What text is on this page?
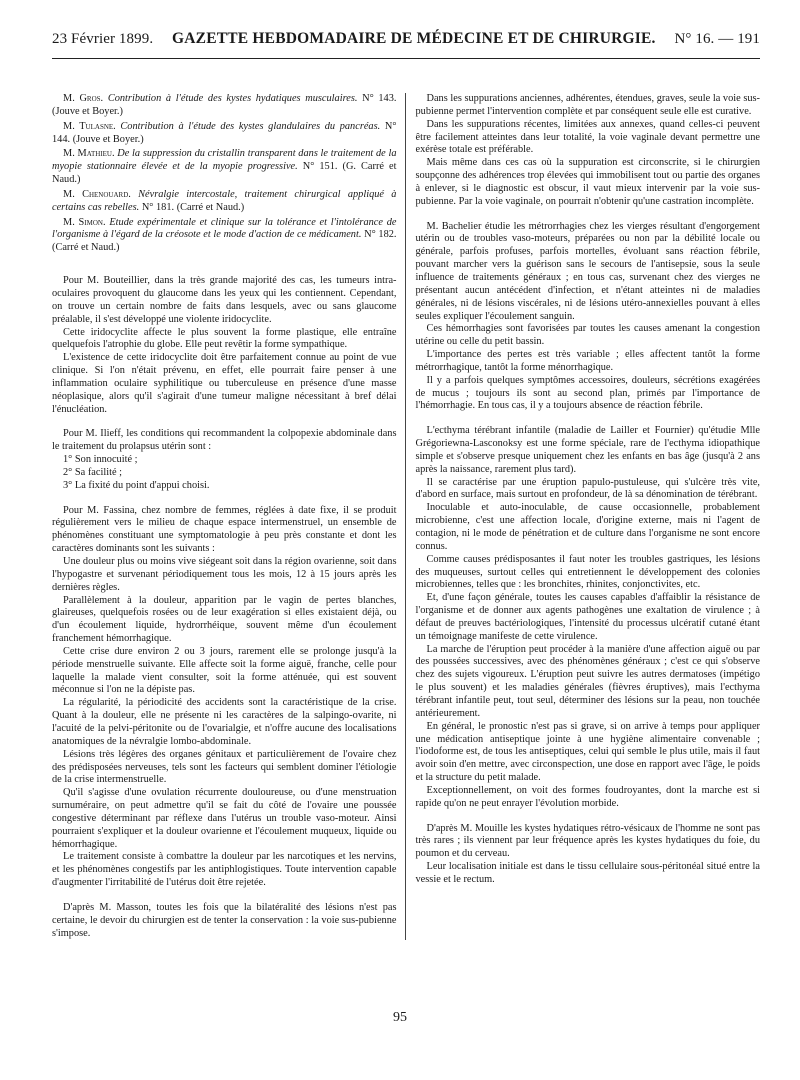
23 Février 1899. GAZETTE HEBDOMADAIRE DE MÉDECINE ET DE CHIRURGIE. N° 16. — 191

M. Gros. Contribution à l'étude des kystes hydatiques musculaires. N° 143. (Jouve et Boyer.)

M. Tulasne. Contribution à l'étude des kystes glandulaires du pancréas. N° 144. (Jouve et Boyer.)

M. Mathieu. De la suppression du cristallin transparent dans le traitement de la myopie stationnaire élevée et de la myopie progressive. N° 151. (G. Carré et Naud.)

M. Chenouard. Névralgie intercostale, traitement chirurgical appliqué à certains cas rebelles. N° 181. (Carré et Naud.)

M. Simon. Etude expérimentale et clinique sur la tolérance et l'intolérance de l'organisme à l'égard de la créosote et le mode d'action de ce médicament. N° 182. (Carré et Naud.)

Pour M. Bouteillier, dans la très grande majorité des cas, les tumeurs intra-oculaires provoquent du glaucome dans les yeux qui les contiennent. Cependant, on trouve un certain nombre de faits dans lesquels, avec ou sans glaucome préalable, il s'est développé une violente iridocyclite.

Cette iridocyclite affecte le plus souvent la forme plastique, elle entraîne quelquefois l'atrophie du globe. Elle peut revêtir la forme sympathique.

L'existence de cette iridocyclite doit être parfaitement connue au point de vue clinique. Si l'on n'était prévenu, en effet, elle pourrait faire penser à une inflammation oculaire syphilitique ou tuberculeuse en présence d'une masse néoplasique, alors qu'il s'agirait d'une tumeur maligne nécessitant à bref délai l'énucléation.

Pour M. Ilieff, les conditions qui recommandent la colpopexie abdominale dans le traitement du prolapsus utérin sont :

1° Son innocuité ;

2° Sa facilité ;

3° La fixité du point d'appui choisi.

Pour M. Fassina, chez nombre de femmes, réglées à date fixe, il se produit régulièrement vers le milieu de chaque espace intermenstruel, un ensemble de phénomènes constituant une symptomatologie à peu près constante et dont les caractères dominants sont les suivants :

Une douleur plus ou moins vive siégeant soit dans la région ovarienne, soit dans l'hypogastre et survenant périodiquement tous les mois, 12 à 15 jours après les dernières règles.

Parallèlement à la douleur, apparition par le vagin de pertes blanches, glaireuses, quelquefois rosées ou de leur exagération si elles existaient déjà, ou d'un écoulement liquide, hydrorrhéique, souvent même d'un écoulement franchement hémorrhagique.

Cette crise dure environ 2 ou 3 jours, rarement elle se prolonge jusqu'à la période menstruelle suivante. Elle affecte soit la forme aiguë, franche, celle pour laquelle la malade vient consulter, soit la forme atténuée, qui est souvent méconnue si l'on ne la dépiste pas.

La régularité, la périodicité des accidents sont la caractéristique de la crise. Quant à la douleur, elle ne présente ni les caractères de la salpingo-ovarite, ni l'acuité de la pelvi-péritonite ou de l'ovarialgie, et n'offre aucune des localisations anatomiques de la névralgie lombo-abdominale.

Lésions très légères des organes génitaux et particulièrement de l'ovaire chez des prédisposées nerveuses, tels sont les facteurs qui semblent dominer l'étiologie de la crise intermenstruelle.

Qu'il s'agisse d'une ovulation récurrente douloureuse, ou d'une menstruation surnuméraire, on peut admettre qu'il se fait du côté de l'ovaire une poussée congestive déterminant par réflexe dans l'utérus un trouble vaso-moteur. Ainsi pourraient s'expliquer et la douleur ovarienne et l'écoulement muqueux, liquide ou hémorrhagique.

Le traitement consiste à combattre la douleur par les narcotiques et les nervins, et les phénomènes congestifs par les antiphlogistiques. Toute intervention capable d'augmenter l'irritabilité de l'utérus doit être rejetée.

D'après M. Masson, toutes les fois que la bilatéralité des lésions n'est pas certaine, le devoir du chirurgien est de tenter la conservation : la voie sus-pubienne s'impose.

Dans les suppurations anciennes, adhérentes, étendues, graves, seule la voie sus-pubienne permet l'intervention complète et par conséquent seule elle est curative.

Dans les suppurations récentes, limitées aux annexes, quand celles-ci peuvent être facilement atteintes dans leur totalité, la voie vaginale devant permettre une exérèse totale est préférable.

Mais même dans ces cas où la suppuration est circonscrite, si le chirurgien soupçonne des adhérences trop élevées qui immobilisent tout ou partie des organes à enlever, si le diagnostic est obscur, il vaut mieux intervenir par la voie sus-pubienne. Par la voie vaginale, on pourrait n'obtenir qu'une castration incomplète.

M. Bachelier étudie les métrorrhagies chez les vierges résultant d'engorgement utérin ou de troubles vaso-moteurs, préparées ou non par la débilité locale ou générale, parfois profuses, parfois mortelles, évoluant sans réaction fébrile, pouvant marcher vers la guérison sans le secours de l'antisepsie, sous la seule influence de traitements généraux ; en tous cas, survenant chez des vierges ne présentant aucun antécédent d'infection, et n'étant atteintes ni de maladies générales, ni de lésions viscérales, ni de lésions utéro-annexielles pouvant à elles seules expliquer l'écoulement sanguin.

Ces hémorrhagies sont favorisées par toutes les causes amenant la congestion utérine ou celle du petit bassin.

L'importance des pertes est très variable ; elles affectent tantôt la forme métrorrhagique, tantôt la forme ménorrhagique.

Il y a parfois quelques symptômes accessoires, douleurs, sécrétions exagérées de mucus ; toujours ils sont au second plan, primés par l'importance de l'hémorrhagie. En tous cas, il y a toujours absence de réaction fébrile.

L'ecthyma térébrant infantile (maladie de Lailler et Fournier) qu'étudie Mlle Grégoriewna-Lasconoksy est une forme spéciale, rare de l'ecthyma idiopathique simple et s'observe presque uniquement chez les enfants en bas âge (jusqu'à 2 ans après la naissance, rarement plus tard).

Il se caractérise par une éruption papulo-pustuleuse, qui s'ulcère très vite, d'abord en surface, mais surtout en profondeur, de là sa dénomination de térébrant.

Inoculable et auto-inoculable, de cause occasionnelle, probablement microbienne, c'est une affection locale, d'origine externe, mais ni l'agent de contagion, ni le mode de pénétration et de culture dans l'organisme ne sont encore connus.

Comme causes prédisposantes il faut noter les troubles gastriques, les lésions des muqueuses, surtout celles qui entretiennent le développement des colonies microbiennes, telles que : les bronchites, rhinites, conjonctivites, etc.

Et, d'une façon générale, toutes les causes capables d'affaiblir la résistance de l'organisme et de donner aux agents pathogènes une exaltation de virulence ; à défaut de preuves bactériologiques, l'intensité du processus ulcératif cutané étant un témoignage manifeste de cette virulence.

La marche de l'éruption peut procéder à la manière d'une affection aiguë ou par des poussées successives, avec des phénomènes généraux ; c'est ce qui s'observe chez des sujets vigoureux. L'éruption peut suivre les autres dermatoses (impétigo le plus souvent) et les maladies générales (fièvres éruptives), mais l'ecthyma térébrant infantile peut, tout seul, déterminer des lésions sur la peau, non touchée antérieurement.

En général, le pronostic n'est pas si grave, si on arrive à temps pour appliquer une médication antiseptique jointe à une hygiène alimentaire convenable ; l'iodoforme est, de tous les antiseptiques, celui qui semble le plus utile, mais il faut avoir soin d'en mettre, avec circonspection, une dose en rapport avec l'âge, le poids et la structure du petit malade.

Exceptionnellement, on voit des formes foudroyantes, dont la marche est si rapide qu'on ne peut enrayer l'évolution morbide.

D'après M. Mouille les kystes hydatiques rétro-vésicaux de l'homme ne sont pas très rares ; ils viennent par leur fréquence après les kystes hydatiques du foie, du poumon et du cerveau.

Leur localisation initiale est dans le tissu cellulaire sous-péritonéal situé entre la vessie et le rectum.

95
